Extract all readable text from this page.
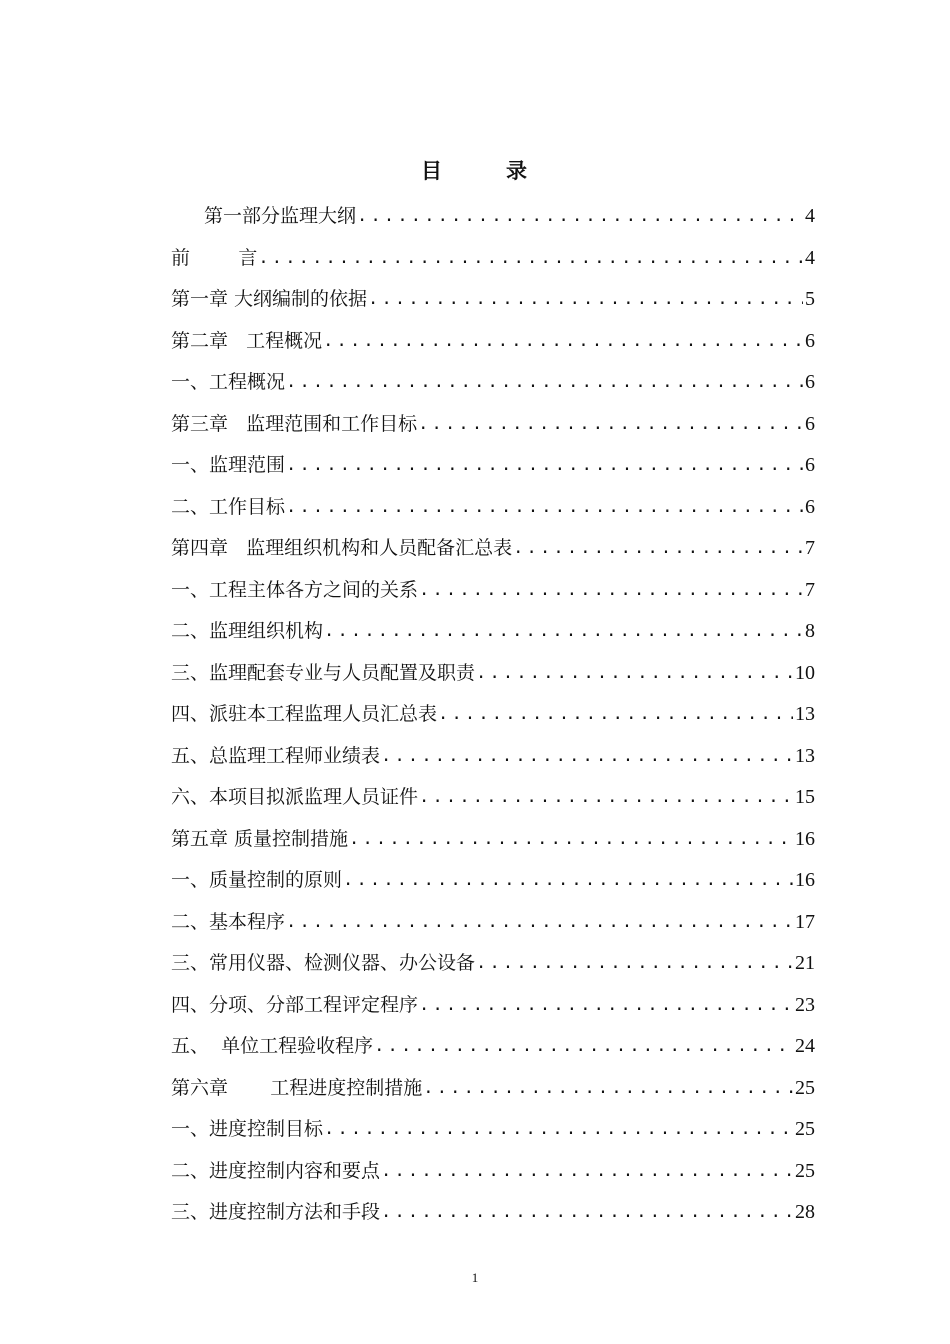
目	录
第一部分监理大纲 .....	4
前        言 .....	4
第一章 大纲编制的依据 .....	5
第二章   工程概况 .....	6
一、工程概况 .....	6
第三章   监理范围和工作目标 .....	6
一、监理范围 .....	6
二、工作目标 .....	6
第四章   监理组织机构和人员配备汇总表 .....	7
一、工程主体各方之间的关系 .....	7
二、监理组织机构 .....	8
三、监理配套专业与人员配置及职责 .....	10
四、派驻本工程监理人员汇总表 .....	13
五、总监理工程师业绩表 .....	13
六、本项目拟派监理人员证件 .....	15
第五章 质量控制措施 .....	16
一、质量控制的原则 .....	16
二、基本程序 .....	17
三、常用仪器、检测仪器、办公设备 .....	21
四、分项、分部工程评定程序 .....	23
五、  单位工程验收程序 .....	24
第六章       工程进度控制措施 .....	25
一、进度控制目标 .....	25
二、进度控制内容和要点 .....	25
三、进度控制方法和手段 .....	28
1
